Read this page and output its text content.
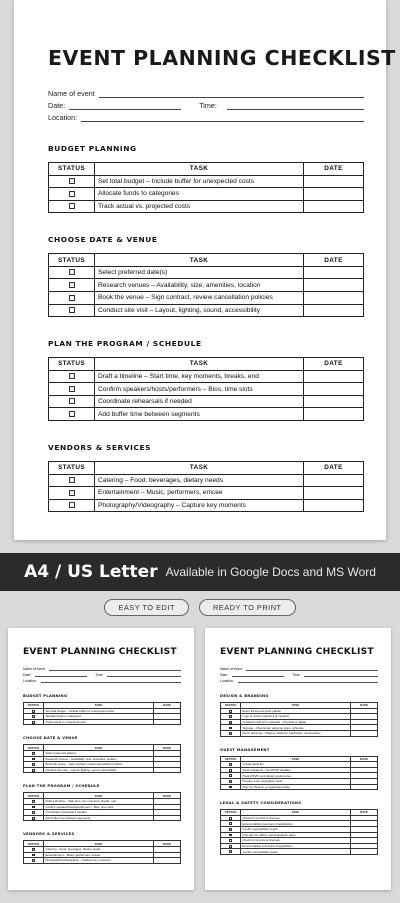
EVENT PLANNING CHECKLIST
Name of event
Date:	Time:
Location:
BUDGET PLANNING
STATUS	TASK	DATE
	Set total budget – Include buffer for unexpected costs	
	Allocate funds to categories	
	Track actual vs. projected costs	
CHOOSE DATE & VENUE
STATUS	TASK	DATE
	Select preferred date(s)	
	Research venues – Availability, size, amenities, location	
	Book the venue – Sign contract, review cancellation policies	
	Conduct site visit – Layout, lighting, sound, accessibility	
PLAN THE PROGRAM / SCHEDULE
STATUS	TASK	DATE
	Draft a timeline – Start time, key moments, breaks, end	
	Confirm speakers/hosts/performers – Bios, time slots	
	Coordinate rehearsals if needed	
	Add buffer time between segments	
VENDORS & SERVICES
STATUS	TASK	DATE
	Catering – Food, beverages, dietary needs	
	Entertainment – Music, performers, emcee	
	Photography/Videography – Capture key moments	
A4 / US Letter Available in Google Docs and MS Word
EASY TO EDIT	READY TO PRINT
EVENT PLANNING CHECKLIST
Name of event
Date:	Time:
Location:
BUDGET PLANNING
STATUS	TASK	DATE
	Set total budget – Include buffer for unexpected costs	
	Allocate funds to categories	
	Track actual vs. projected costs	
CHOOSE DATE & VENUE
STATUS	TASK	DATE
	Select preferred date(s)	
	Research venues – Availability, size, amenities, location	
	Book the venue – Sign contract, review cancellation policies	
	Conduct site visit – Layout, lighting, sound, accessibility	
PLAN THE PROGRAM / SCHEDULE
STATUS	TASK	DATE
	Draft a timeline – Start time, key moments, breaks, end	
	Confirm speakers/hosts/performers – Bios, time slots	
	Coordinate rehearsals if needed	
	Add buffer time between segments	
VENDORS & SERVICES
STATUS	TASK	DATE
	Catering – Food, beverages, dietary needs	
	Entertainment – Music, performers, emcee	
	Photography/Videography – Capture key moments	
EVENT PLANNING CHECKLIST
Name of event
Date:	Time:
Location:
DESIGN & BRANDING
STATUS	TASK	DATE
	Event theme and color palette	
	Logo or custom graphics (if needed)	
	Invitations and print materials – Physical or digital	
	Signage – Directional, welcome signs, schedule	
	Decor planning – Flowers, balloons, backdrops, centerpieces	
GUEST MANAGEMENT
STATUS	TASK	DATE
	Create guest list	
	Send invitations – Set RSVP deadline	
	Track RSVPs and dietary preferences	
	Prepare name tags/place cards	
	Plan for check-in or registration table	
LEGAL & SAFETY CONSIDERATIONS
STATUS	TASK	DATE
	Check for permits or licenses	
	Ensure liability insurance (if applicable)	
	Confirm accessibility needs	
	First aid, fire safety, and evacuation plans	
	Check for permits or licenses	
	Ensure liability insurance (if applicable)	
	Confirm accessibility needs	
